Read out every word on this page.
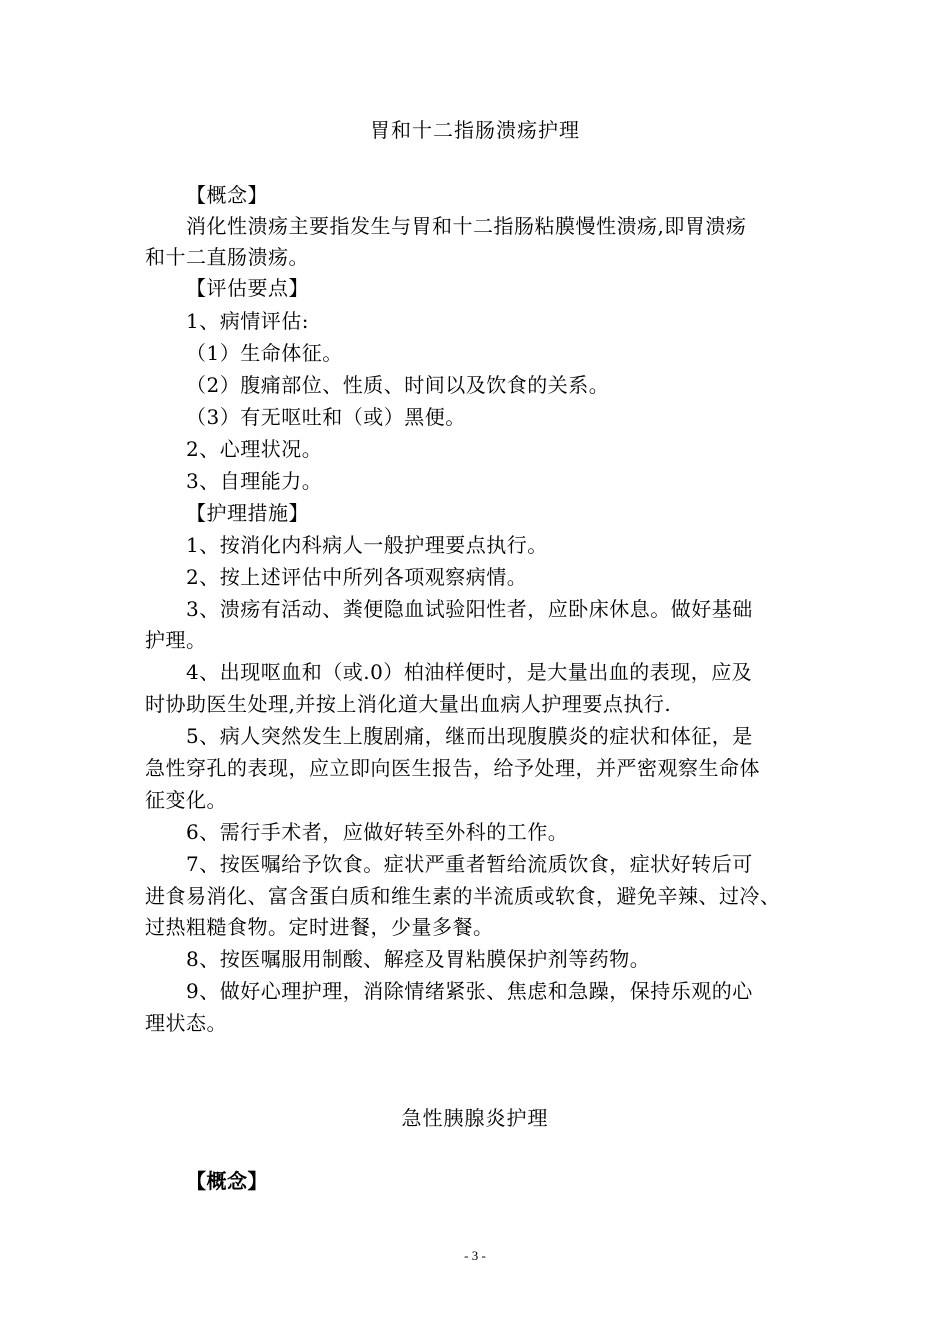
胃和十二指肠溃疡护理
【概念】
消化性溃疡主要指发生与胃和十二指肠粘膜慢性溃疡,即胃溃疡
和十二直肠溃疡。
【评估要点】
1、病情评估:
（1）生命体征。
（2）腹痛部位、性质、时间以及饮食的关系。
（3）有无呕吐和（或）黑便。
2、心理状况。
3、自理能力。
【护理措施】
1、按消化内科病人一般护理要点执行。
2、按上述评估中所列各项观察病情。
3、溃疡有活动、粪便隐血试验阳性者，应卧床休息。做好基础
护理。
4、出现呕血和（或.0）柏油样便时，是大量出血的表现，应及
时协助医生处理,并按上消化道大量出血病人护理要点执行.
5、病人突然发生上腹剧痛，继而出现腹膜炎的症状和体征，是
急性穿孔的表现，应立即向医生报告，给予处理，并严密观察生命体
征变化。
6、需行手术者，应做好转至外科的工作。
7、按医嘱给予饮食。症状严重者暂给流质饮食，症状好转后可
进食易消化、富含蛋白质和维生素的半流质或软食，避免辛辣、过冷、
过热粗糙食物。定时进餐，少量多餐。
8、按医嘱服用制酸、解痉及胃粘膜保护剂等药物。
9、做好心理护理，消除情绪紧张、焦虑和急躁，保持乐观的心
理状态。
急性胰腺炎护理
【概念】
- 3 -
